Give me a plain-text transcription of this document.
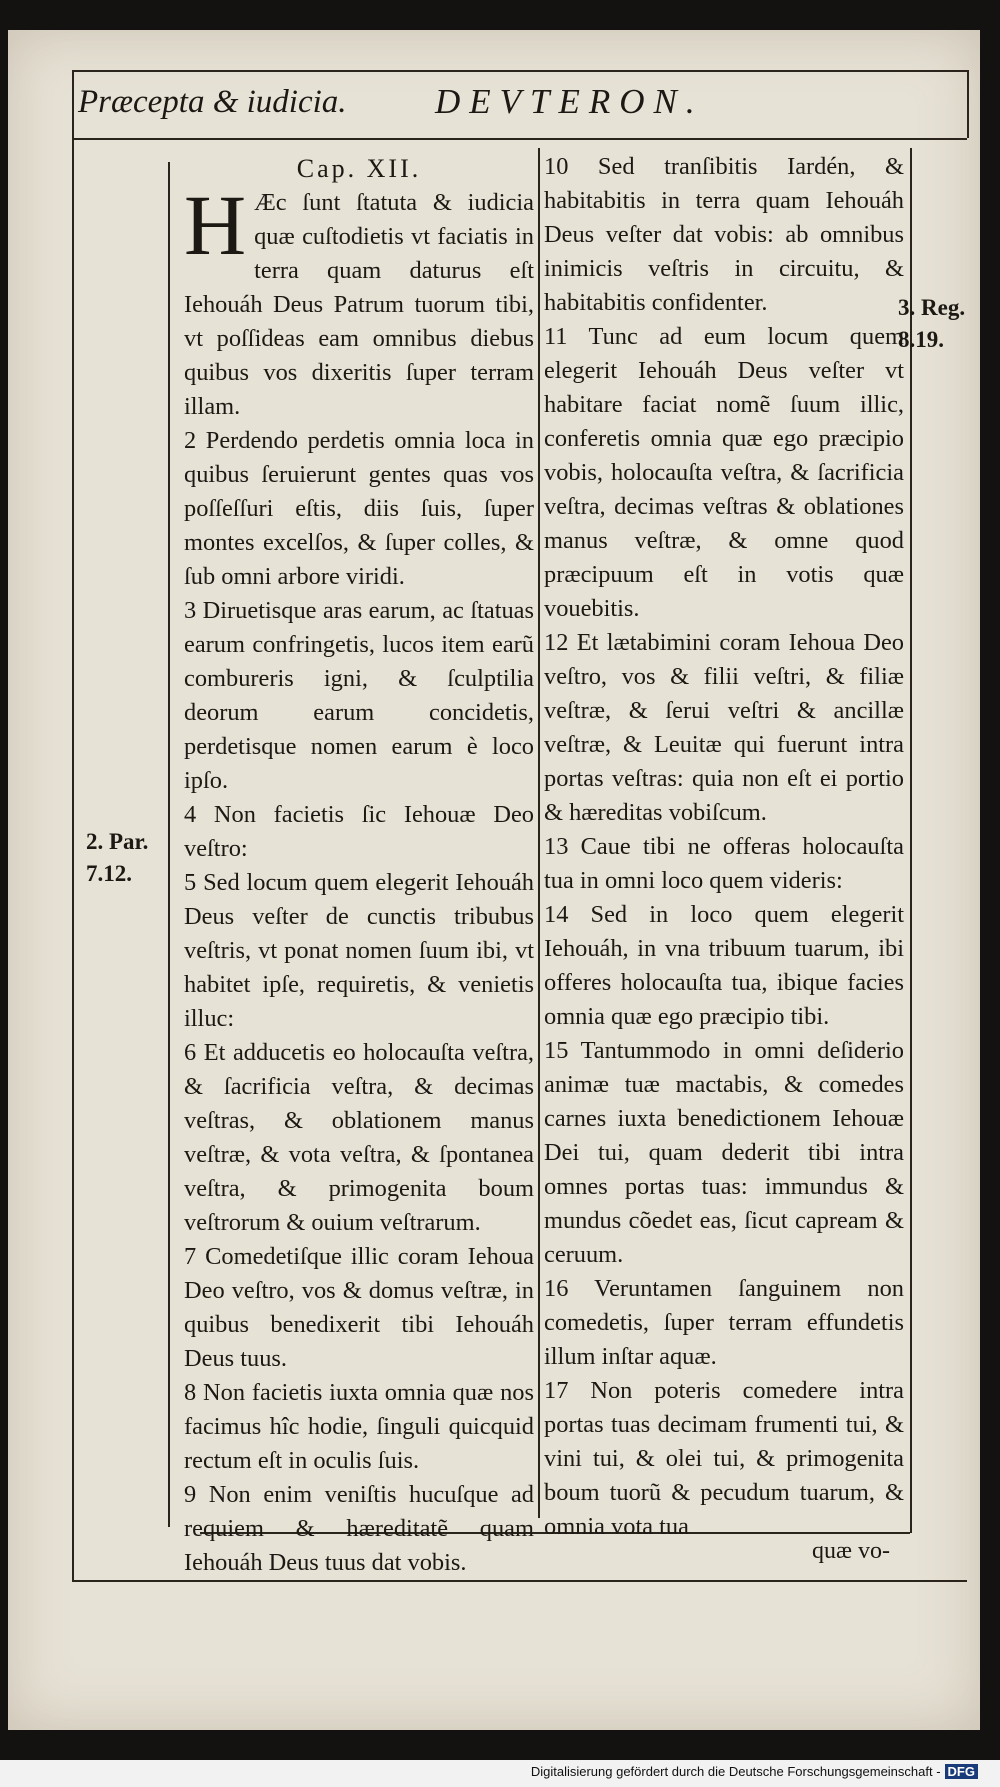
Præcepta & iudicia.	DEVTERON.

Cap. XII.

H Æc ſunt ſtatuta & iudicia quæ cuſtodietis vt faciatis in terra quam daturus eſt Iehouáh Deus Patrum tuorum tibi, vt poſſideas eam omnibus diebus quibus vos dixeritis ſuper terram illam.

2 Perdendo perdetis omnia loca in quibus ſeruierunt gentes quas vos poſſeſſuri eſtis, diis ſuis, ſuper montes excelſos, & ſuper colles, & ſub omni arbore viridi.

3 Diruetisque aras earum, ac ſtatuas earum confringetis, lucos item earũ combureris igni, & ſculptilia deorum earum concidetis, perdetisque nomen earum è loco ipſo.

4 Non facietis ſic Iehouæ Deo veſtro:

5 Sed locum quem elegerit Iehouáh Deus veſter de cunctis tribubus veſtris, vt ponat nomen ſuum ibi, vt habitet ipſe, requiretis, & venietis illuc:

6 Et adducetis eo holocauſta veſtra, & ſacrificia veſtra, & decimas veſtras, & oblationem manus veſtræ, & vota veſtra, & ſpontanea veſtra, & primogenita boum veſtrorum & ouium veſtrarum.

7 Comedetiſque illic coram Iehoua Deo veſtro, vos & domus veſtræ, in quibus benedixerit tibi Iehouáh Deus tuus.

8 Non facietis iuxta omnia quæ nos facimus hîc hodie, ſinguli quicquid rectum eſt in oculis ſuis.

9 Non enim veniſtis hucuſque ad requiem & hæreditatẽ quam Iehouáh Deus tuus dat vobis.

10 Sed tranſibitis Iardén, & habitabitis in terra quam Iehouáh Deus veſter dat vobis: ab omnibus inimicis veſtris in circuitu, & habitabitis confidenter.

11 Tunc ad eum locum quem elegerit Iehouáh Deus veſter vt habitare faciat nomẽ ſuum illic, conferetis omnia quæ ego præcipio vobis, holocauſta veſtra, & ſacrificia veſtra, decimas veſtras & oblationes manus veſtræ, & omne quod præcipuum eſt in votis quæ vouebitis.

12 Et lætabimini coram Iehoua Deo veſtro, vos & filii veſtri, & filiæ veſtræ, & ſerui veſtri & ancillæ veſtræ, & Leuitæ qui fuerunt intra portas veſtras: quia non eſt ei portio & hæreditas vobiſcum.

13 Caue tibi ne offeras holocauſta tua in omni loco quem videris:

14 Sed in loco quem elegerit Iehouáh, in vna tribuum tuarum, ibi offeres holocauſta tua, ibique facies omnia quæ ego præcipio tibi.

15 Tantummodo in omni deſiderio animæ tuæ mactabis, & comedes carnes iuxta benedictionem Iehouæ Dei tui, quam dederit tibi intra omnes portas tuas: immundus & mundus cõedet eas, ſicut capream & ceruum.

16 Veruntamen ſanguinem non comedetis, ſuper terram effundetis illum inſtar aquæ.

17 Non poteris comedere intra portas tuas decimam frumenti tui, & vini tui, & olei tui, & primogenita boum tuorũ & pecudum tuarum, & omnia vota tua

2. Par. 7.12.
3. Reg. 8.19.
quæ vo-
Digitalisierung gefördert durch die Deutsche Forschungsgemeinschaft - DFG
